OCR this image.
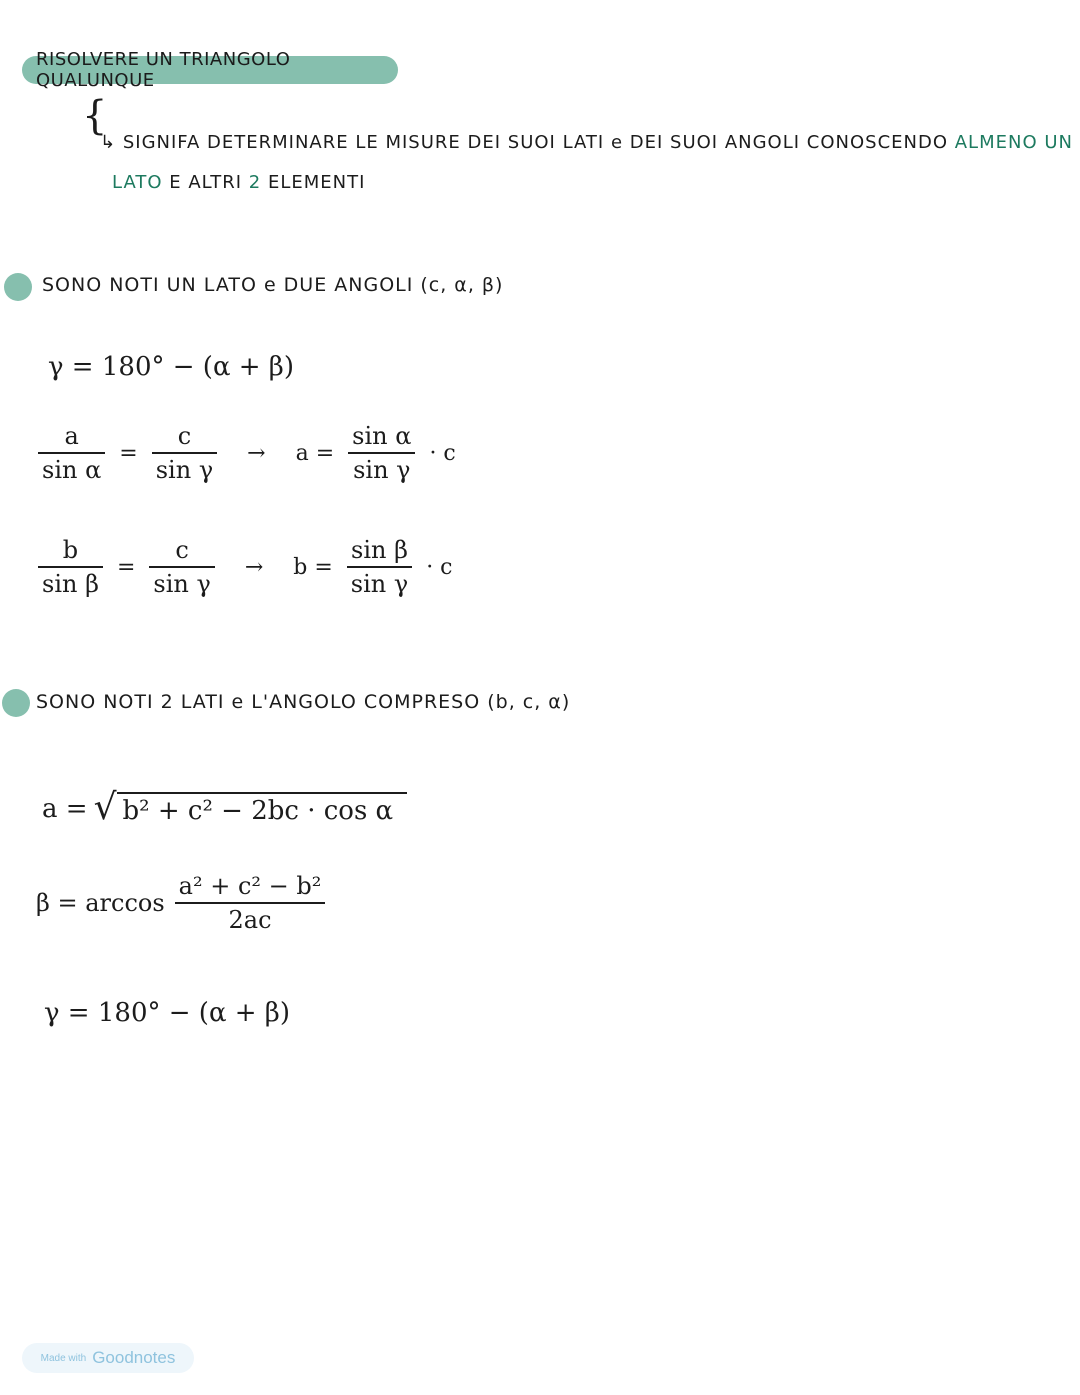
RISOLVERE UN TRIANGOLO QUALUNQUE
{
↳ SIGNIFA DETERMINARE LE MISURE DEI SUOI LATI e DEI SUOI ANGOLI CONOSCENDO ALMENO UN
LATO E ALTRI 2 ELEMENTI
SONO NOTI UN LATO e DUE ANGOLI (c, α, β)
γ = 180° − (α + β)
$\frac{a}{\text{sin α}} = \frac{c}{\text{sin γ}} \to a = \frac{\text{sin α}}{\text{sin γ}} \cdot c$
$\frac{b}{\text{sin β}} = \frac{c}{\text{sin γ}} \to b = \frac{\text{sin β}}{\text{sin γ}} \cdot c$
SONO NOTI 2 LATI e L'ANGOLO COMPRESO (b, c, α)
a = √ b² + c² − 2bc · cos α
$\beta = \arccos \frac{\text{a² + c² − b²}}{2ac}$
γ = 180° − (α + β)
Made with Goodnotes
